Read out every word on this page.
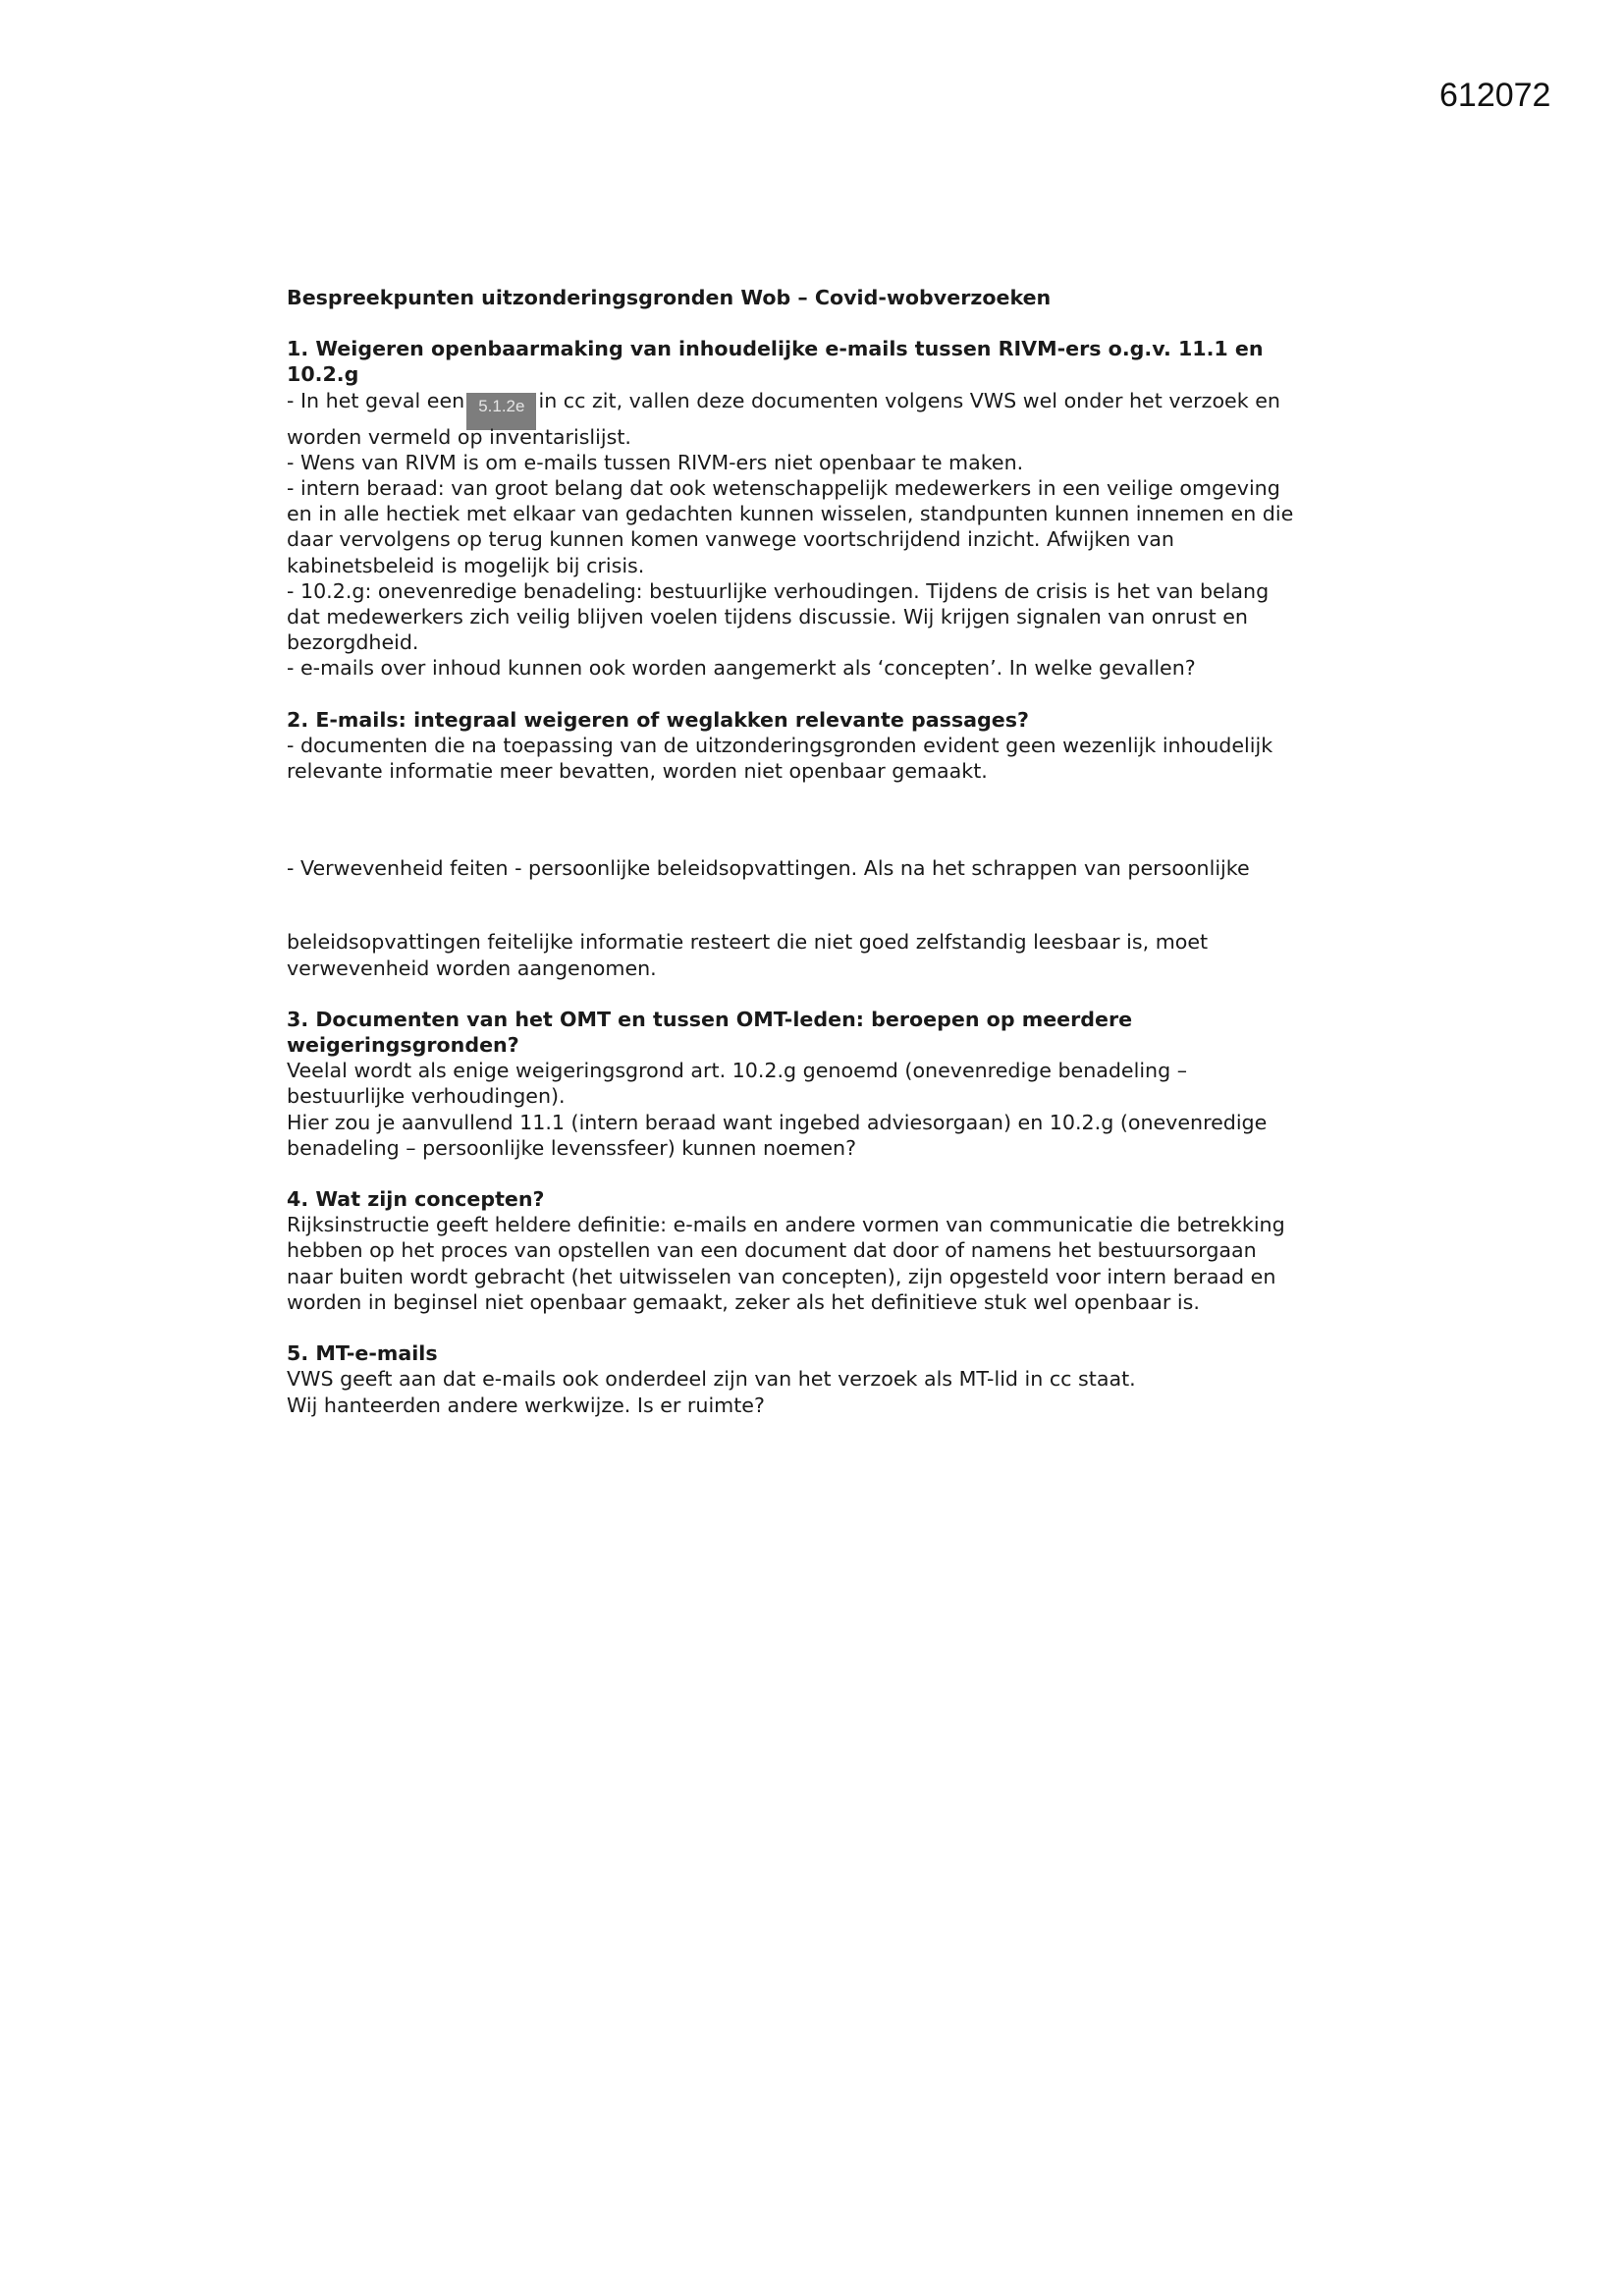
612072

Bespreekpunten uitzonderingsgronden Wob – Covid-wobverzoeken

1. Weigeren openbaarmaking van inhoudelijke e-mails tussen RIVM-ers o.g.v. 11.1 en

10.2.g

- In het geval een 5.1.2e in cc zit, vallen deze documenten volgens VWS wel onder het verzoek en

worden vermeld op inventarislijst.

- Wens van RIVM is om e-mails tussen RIVM-ers niet openbaar te maken.

- intern beraad: van groot belang dat ook wetenschappelijk medewerkers in een veilige omgeving

en in alle hectiek met elkaar van gedachten kunnen wisselen, standpunten kunnen innemen en die

daar vervolgens op terug kunnen komen vanwege voortschrijdend inzicht. Afwijken van

kabinetsbeleid is mogelijk bij crisis.

- 10.2.g: onevenredige benadeling: bestuurlijke verhoudingen. Tijdens de crisis is het van belang

dat medewerkers zich veilig blijven voelen tijdens discussie. Wij krijgen signalen van onrust en

bezorgdheid.

- e-mails over inhoud kunnen ook worden aangemerkt als ‘concepten’. In welke gevallen?

2. E-mails: integraal weigeren of weglakken relevante passages?

- documenten die na toepassing van de uitzonderingsgronden evident geen wezenlijk inhoudelijk

relevante informatie meer bevatten, worden niet openbaar gemaakt.

- Verwevenheid feiten - persoonlijke beleidsopvattingen. Als na het schrappen van persoonlijke

beleidsopvattingen feitelijke informatie resteert die niet goed zelfstandig leesbaar is, moet

verwevenheid worden aangenomen.

3. Documenten van het OMT en tussen OMT-leden: beroepen op meerdere

weigeringsgronden?

Veelal wordt als enige weigeringsgrond art. 10.2.g genoemd (onevenredige benadeling –

bestuurlijke verhoudingen).

Hier zou je aanvullend 11.1 (intern beraad want ingebed adviesorgaan) en 10.2.g (onevenredige

benadeling – persoonlijke levenssfeer) kunnen noemen?

4. Wat zijn concepten?

Rijksinstructie geeft heldere definitie: e-mails en andere vormen van communicatie die betrekking

hebben op het proces van opstellen van een document dat door of namens het bestuursorgaan

naar buiten wordt gebracht (het uitwisselen van concepten), zijn opgesteld voor intern beraad en

worden in beginsel niet openbaar gemaakt, zeker als het definitieve stuk wel openbaar is.

5. MT-e-mails

VWS geeft aan dat e-mails ook onderdeel zijn van het verzoek als MT-lid in cc staat.

Wij hanteerden andere werkwijze. Is er ruimte?
